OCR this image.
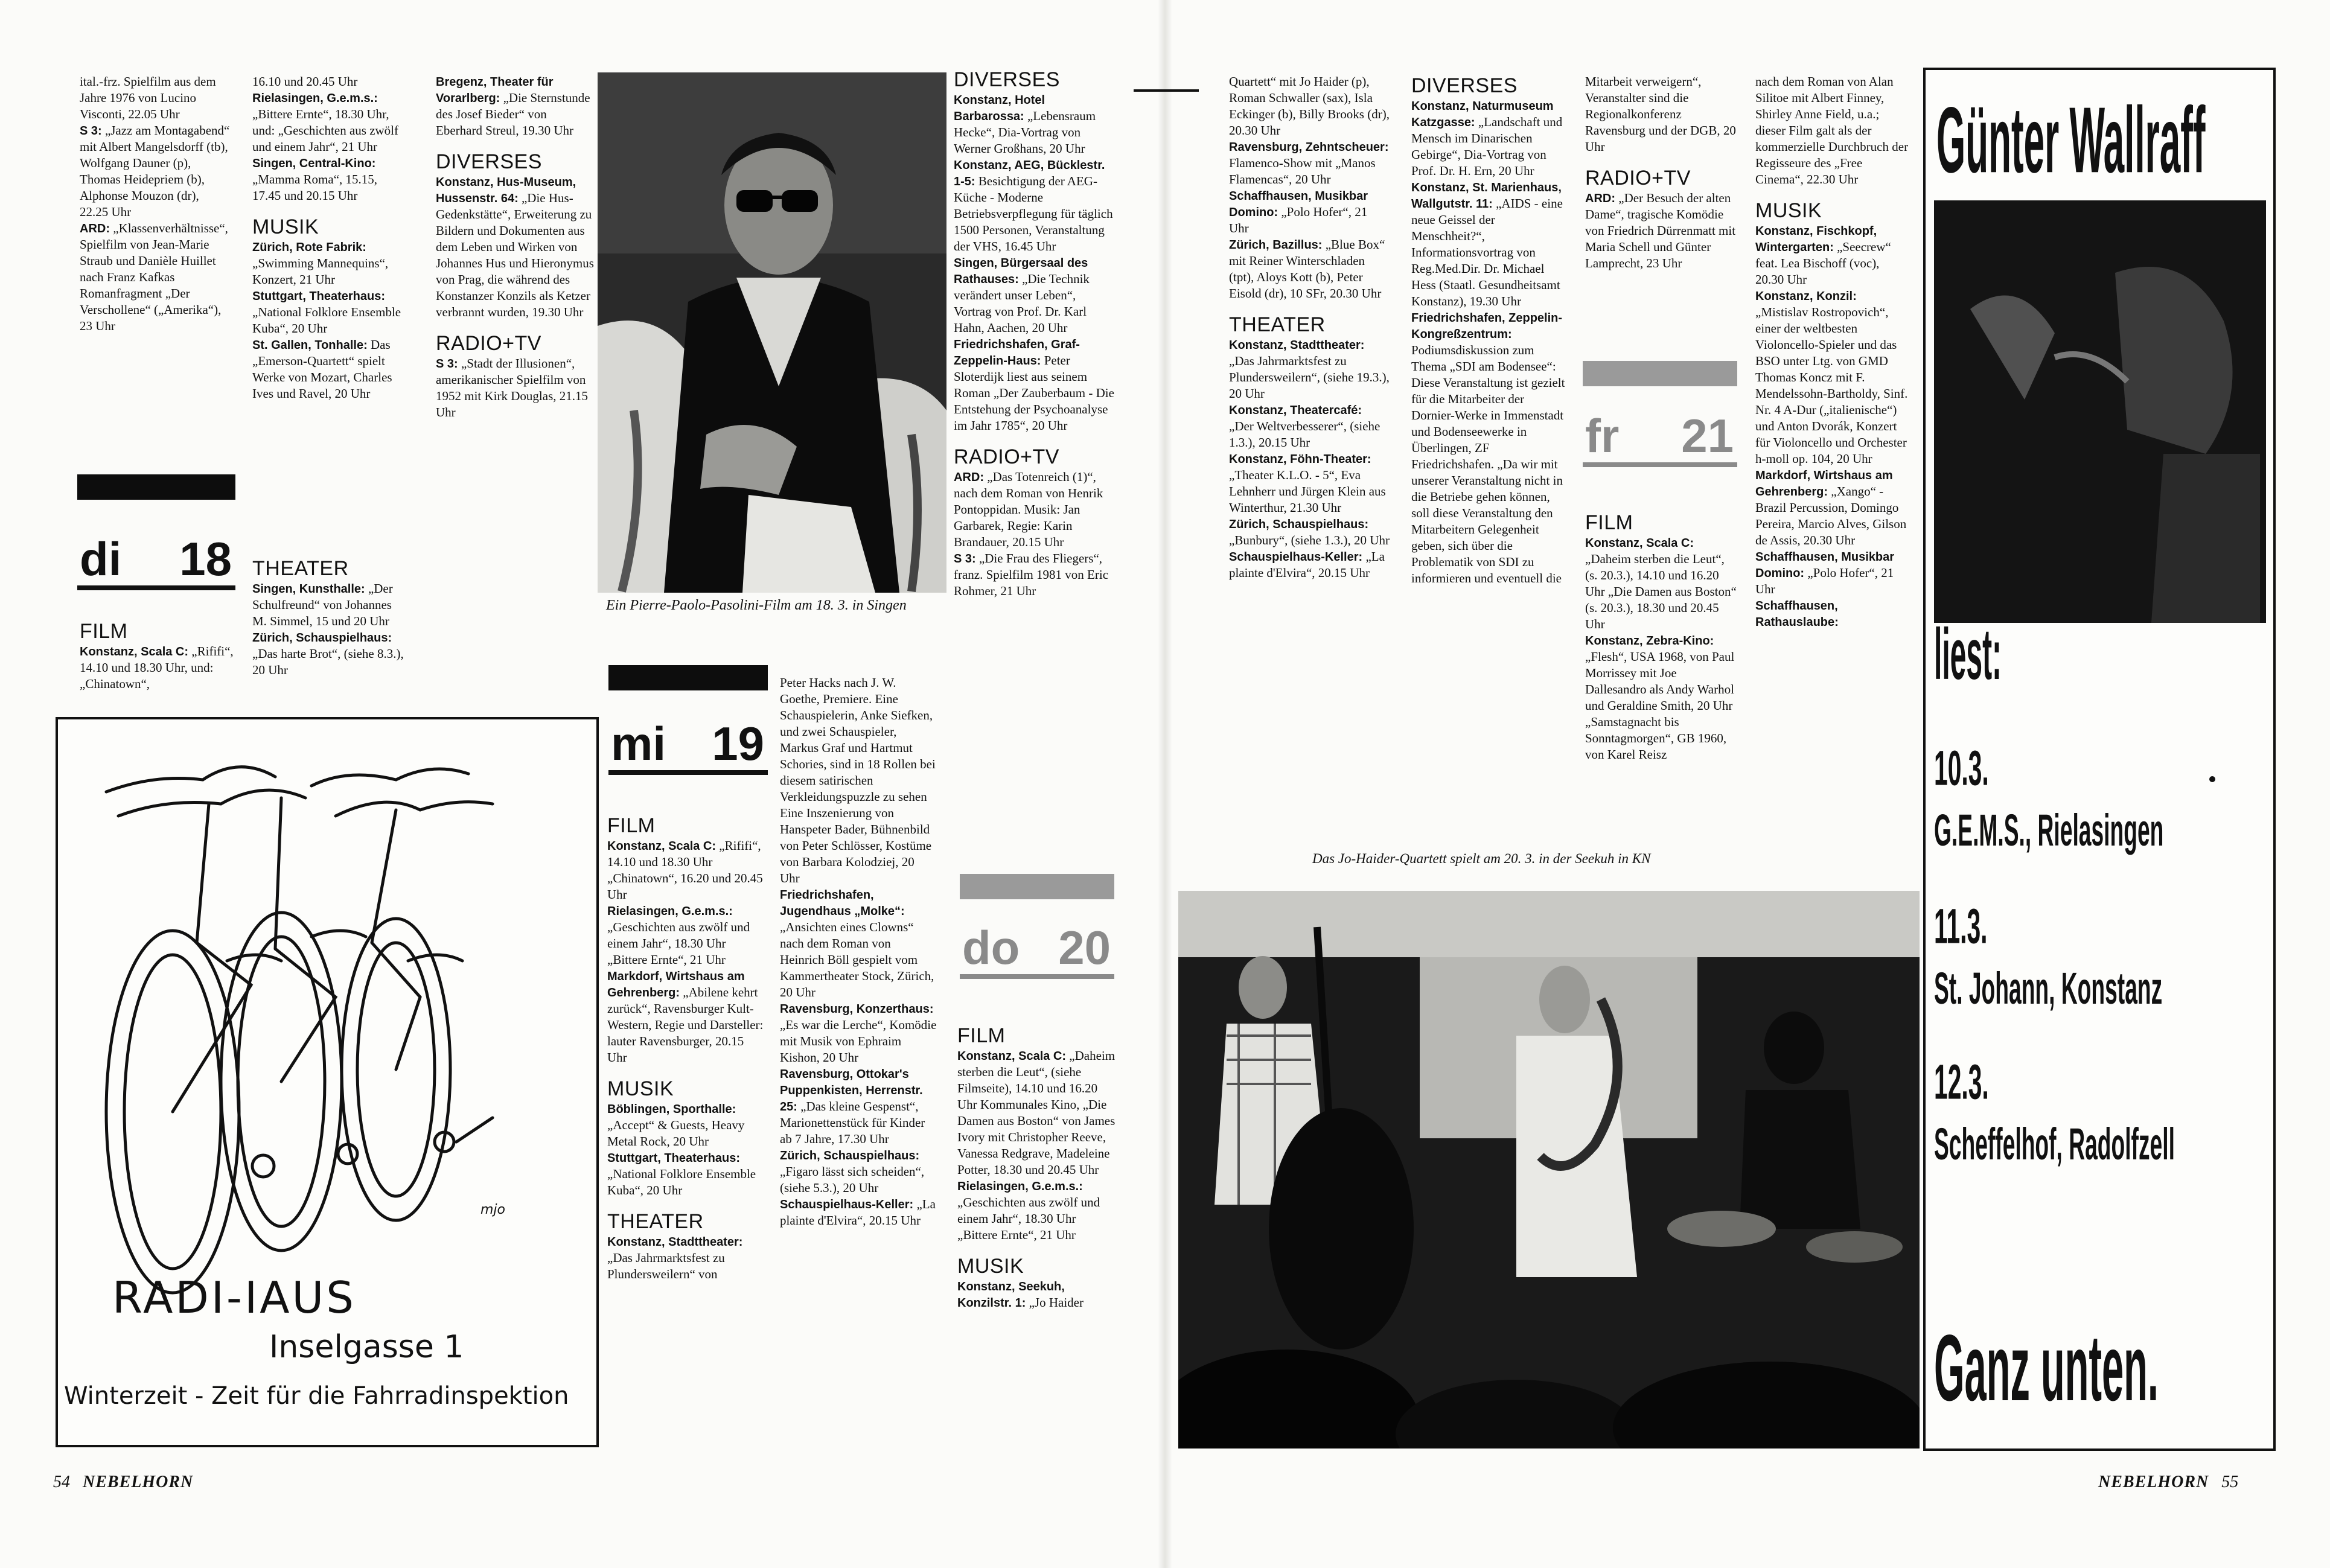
ital.-frz. Spielfilm aus dem Jahre 1976 von Lucino Visconti, 22.05 Uhr
S 3: „Jazz am Montagabend“ mit Albert Mangelsdorff (tb), Wolfgang Dauner (p), Thomas Heidepriem (b), Alphonse Mouzon (dr), 22.25 Uhr
ARD: „Klassenverhältnisse“, Spielfilm von Jean-Marie Straub und Danièle Huillet nach Franz Kafkas Romanfragment „Der Verschollene“ („Amerika“), 23 Uhr
16.10 und 20.45 Uhr
Rielasingen, G.e.m.s.: „Bittere Ernte“, 18.30 Uhr, und: „Geschichten aus zwölf und einem Jahr“, 21 Uhr
Singen, Central-Kino: „Mamma Roma“, 15.15, 17.45 und 20.15 Uhr
MUSIK
Zürich, Rote Fabrik: „Swimming Mannequins“, Konzert, 21 Uhr
Stuttgart, Theaterhaus: „National Folklore Ensemble Kuba“, 20 Uhr
St. Gallen, Tonhalle: Das „Emerson-Quartett“ spielt Werke von Mozart, Charles Ives und Ravel, 20 Uhr
THEATER
Singen, Kunsthalle: „Der Schulfreund“ von Johannes M. Simmel, 15 und 20 Uhr
Zürich, Schauspielhaus: „Das harte Brot“, (siehe 8.3.), 20 Uhr
di 18
FILM
Konstanz, Scala C: „Rififi“, 14.10 und 18.30 Uhr, und: „Chinatown“,
Bregenz, Theater für Vorarlberg: „Die Sternstunde des Josef Bieder“ von Eberhard Streul, 19.30 Uhr
DIVERSES
Konstanz, Hus-Museum, Hussenstr. 64: „Die Hus-Gedenkstätte“, Erweiterung zu Bildern und Dokumenten aus dem Leben und Wirken von Johannes Hus und Hieronymus von Prag, die während des Konstanzer Konzils als Ketzer verbrannt wurden, 19.30 Uhr
RADIO+TV
S 3: „Stadt der Illusionen“, amerikanischer Spielfilm von 1952 mit Kirk Douglas, 21.15 Uhr
Ein Pierre-Paolo-Pasolini-Film am 18. 3. in Singen
DIVERSES
Konstanz, Hotel Barbarossa: „Lebensraum Hecke“, Dia-Vortrag von Werner Großhans, 20 Uhr
Konstanz, AEG, Bücklestr. 1-5: Besichtigung der AEG-Küche - Moderne Betriebsverpflegung für täglich 1500 Personen, Veranstaltung der VHS, 16.45 Uhr
Singen, Bürgersaal des Rathauses: „Die Technik verändert unser Leben“, Vortrag von Prof. Dr. Karl Hahn, Aachen, 20 Uhr
Friedrichshafen, Graf-Zeppelin-Haus: Peter Sloterdijk liest aus seinem Roman „Der Zauberbaum - Die Entstehung der Psychoanalyse im Jahr 1785“, 20 Uhr
RADIO+TV
ARD: „Das Totenreich (1)“, nach dem Roman von Henrik Pontoppidan. Musik: Jan Garbarek, Regie: Karin Brandauer, 20.15 Uhr
S 3: „Die Frau des Fliegers“, franz. Spielfilm 1981 von Eric Rohmer, 21 Uhr
do 20
FILM
Konstanz, Scala C: „Daheim sterben die Leut“, (siehe Filmseite), 14.10 und 16.20 Uhr Kommunales Kino, „Die Damen aus Boston“ von James Ivory mit Christopher Reeve, Vanessa Redgrave, Madeleine Potter, 18.30 und 20.45 Uhr
Rielasingen, G.e.m.s.: „Geschichten aus zwölf und einem Jahr“, 18.30 Uhr „Bittere Ernte“, 21 Uhr
MUSIK
Konstanz, Seekuh, Konzilstr. 1: „Jo Haider
mi 19
FILM
Konstanz, Scala C: „Rififi“, 14.10 und 18.30 Uhr „Chinatown“, 16.20 und 20.45 Uhr
Rielasingen, G.e.m.s.: „Geschichten aus zwölf und einem Jahr“, 18.30 Uhr „Bittere Ernte“, 21 Uhr
Markdorf, Wirtshaus am Gehrenberg: „Abilene kehrt zurück“, Ravensburger Kult-Western, Regie und Darsteller: lauter Ravensburger, 20.15 Uhr
MUSIK
Böblingen, Sporthalle: „Accept“ & Guests, Heavy Metal Rock, 20 Uhr
Stuttgart, Theaterhaus: „National Folklore Ensemble Kuba“, 20 Uhr
THEATER
Konstanz, Stadttheater: „Das Jahrmarktsfest zu Plundersweilern“ von
Peter Hacks nach J. W. Goethe, Premiere. Eine Schauspielerin, Anke Siefken, und zwei Schauspieler, Markus Graf und Hartmut Schories, sind in 18 Rollen bei diesem satirischen Verkleidungspuzzle zu sehen Eine Inszenierung von Hanspeter Bader, Bühnenbild von Peter Schlösser, Kostüme von Barbara Kolodziej, 20 Uhr
Friedrichshafen, Jugendhaus „Molke“: „Ansichten eines Clowns“ nach dem Roman von Heinrich Böll gespielt vom Kammertheater Stock, Zürich, 20 Uhr
Ravensburg, Konzerthaus: „Es war die Lerche“, Komödie mit Musik von Ephraim Kishon, 20 Uhr
Ravensburg, Ottokar's Puppenkisten, Herrenstr. 25: „Das kleine Gespenst“, Marionettenstück für Kinder ab 7 Jahre, 17.30 Uhr
Zürich, Schauspielhaus: „Figaro lässt sich scheiden“, (siehe 5.3.), 20 Uhr
Schauspielhaus-Keller: „La plainte d'Elvira“, 20.15 Uhr
mjo
RADI-IAUS
Inselgasse 1
Winterzeit - Zeit für die Fahrradinspektion
54 NEBELHORN
Quartett“ mit Jo Haider (p), Roman Schwaller (sax), Isla Eckinger (b), Billy Brooks (dr), 20.30 Uhr
Ravensburg, Zehntscheuer: Flamenco-Show mit „Manos Flamencas“, 20 Uhr
Schaffhausen, Musikbar Domino: „Polo Hofer“, 21 Uhr
Zürich, Bazillus: „Blue Box“ mit Reiner Winterschladen (tpt), Aloys Kott (b), Peter Eisold (dr), 10 SFr, 20.30 Uhr
THEATER
Konstanz, Stadttheater: „Das Jahrmarktsfest zu Plundersweilern“, (siehe 19.3.), 20 Uhr
Konstanz, Theatercafé: „Der Weltverbesserer“, (siehe 1.3.), 20.15 Uhr
Konstanz, Föhn-Theater: „Theater K.L.O. - 5“, Eva Lehnherr und Jürgen Klein aus Winterthur, 21.30 Uhr
Zürich, Schauspielhaus: „Bunbury“, (siehe 1.3.), 20 Uhr
Schauspielhaus-Keller: „La plainte d'Elvira“, 20.15 Uhr
DIVERSES
Konstanz, Naturmuseum Katzgasse: „Landschaft und Mensch im Dinarischen Gebirge“, Dia-Vortrag von Prof. Dr. H. Ern, 20 Uhr
Konstanz, St. Marienhaus, Wallgutstr. 11: „AIDS - eine neue Geissel der Menschheit?“, Informationsvortrag von Reg.Med.Dir. Dr. Michael Hess (Staatl. Gesundheitsamt Konstanz), 19.30 Uhr
Friedrichshafen, Zeppelin-Kongreßzentrum: Podiumsdiskussion zum Thema „SDI am Bodensee“: Diese Veranstaltung ist gezielt für die Mitarbeiter der Dornier-Werke in Immenstadt und Bodenseewerke in Überlingen, ZF Friedrichshafen. „Da wir mit unserer Veranstaltung nicht in die Betriebe gehen können, soll diese Veranstaltung den Mitarbeitern Gelegenheit geben, sich über die Problematik von SDI zu informieren und eventuell die
Mitarbeit verweigern“, Veranstalter sind die Regionalkonferenz Ravensburg und der DGB, 20 Uhr
RADIO+TV
ARD: „Der Besuch der alten Dame“, tragische Komödie von Friedrich Dürrenmatt mit Maria Schell und Günter Lamprecht, 23 Uhr
fr 21
FILM
Konstanz, Scala C: „Daheim sterben die Leut“, (s. 20.3.), 14.10 und 16.20 Uhr „Die Damen aus Boston“ (s. 20.3.), 18.30 und 20.45 Uhr
Konstanz, Zebra-Kino: „Flesh“, USA 1968, von Paul Morrissey mit Joe Dallesandro als Andy Warhol und Geraldine Smith, 20 Uhr „Samstagnacht bis Sonntagmorgen“, GB 1960, von Karel Reisz
nach dem Roman von Alan Silitoe mit Albert Finney, Shirley Anne Field, u.a.; dieser Film galt als der kommerzielle Durchbruch der Regisseure des „Free Cinema“, 22.30 Uhr
MUSIK
Konstanz, Fischkopf, Wintergarten: „Seecrew“ feat. Lea Bischoff (voc), 20.30 Uhr
Konstanz, Konzil: „Mistislav Rostropovich“, einer der weltbesten Violoncello-Spieler und das BSO unter Ltg. von GMD Thomas Koncz mit F. Mendelssohn-Bartholdy, Sinf. Nr. 4 A-Dur („italienische“) und Anton Dvorák, Konzert für Violoncello und Orchester h-moll op. 104, 20 Uhr
Markdorf, Wirtshaus am Gehrenberg: „Xango“ - Brazil Percussion, Domingo Pereira, Marcio Alves, Gilson de Assis, 20.30 Uhr
Schaffhausen, Musikbar Domino: „Polo Hofer“, 21 Uhr
Schaffhausen, Rathauslaube:
Das Jo-Haider-Quartett spielt am 20. 3. in der Seekuh in KN
Günter Wallraff
liest:
10.3.
G.E.M.S., Rielasingen
11.3.
St. Johann, Konstanz
12.3.
Scheffelhof, Radolfzell
Ganz unten.
NEBELHORN 55
